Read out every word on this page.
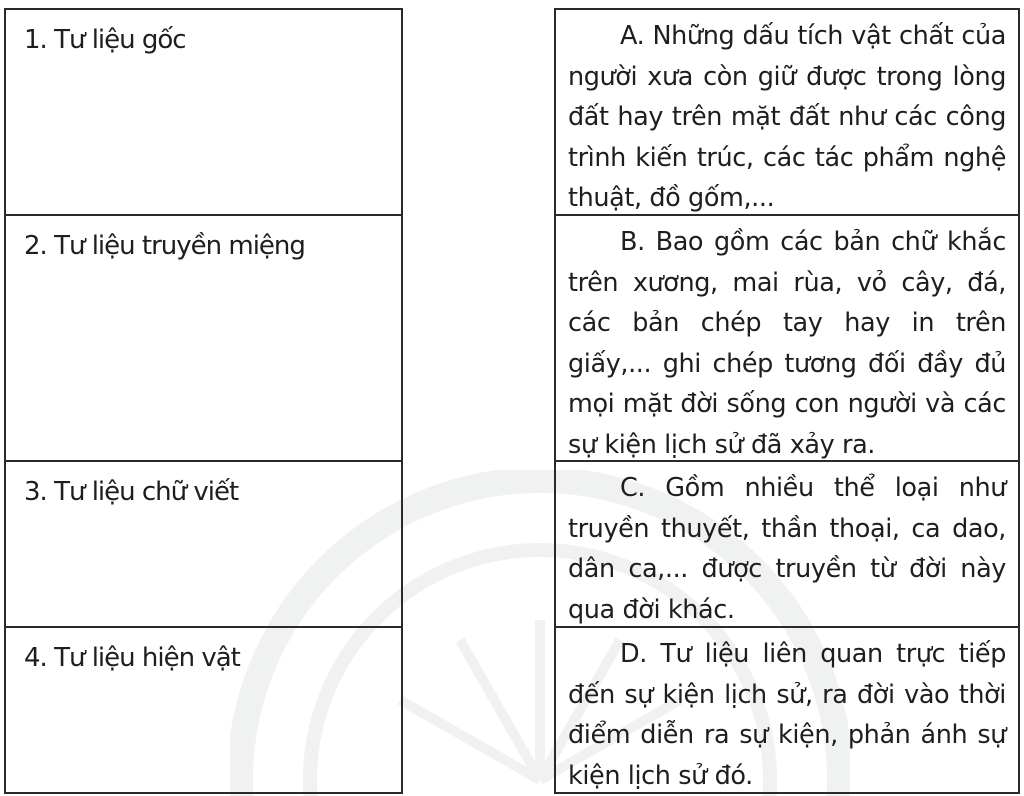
1. Tư liệu gốc
2. Tư liệu truyền miệng
3. Tư liệu chữ viết
4. Tư liệu hiện vật
A. Những dấu tích vật chất của người xưa còn giữ được trong lòng đất hay trên mặt đất như các công trình kiến trúc, các tác phẩm nghệ thuật, đồ gốm,...
B. Bao gồm các bản chữ khắc trên xương, mai rùa, vỏ cây, đá, các bản chép tay hay in trên giấy,... ghi chép tương đối đầy đủ mọi mặt đời sống con người và các sự kiện lịch sử đã xảy ra.
C. Gồm nhiều thể loại như truyền thuyết, thần thoại, ca dao, dân ca,... được truyền từ đời này qua đời khác.
D. Tư liệu liên quan trực tiếp đến sự kiện lịch sử, ra đời vào thời điểm diễn ra sự kiện, phản ánh sự kiện lịch sử đó.
